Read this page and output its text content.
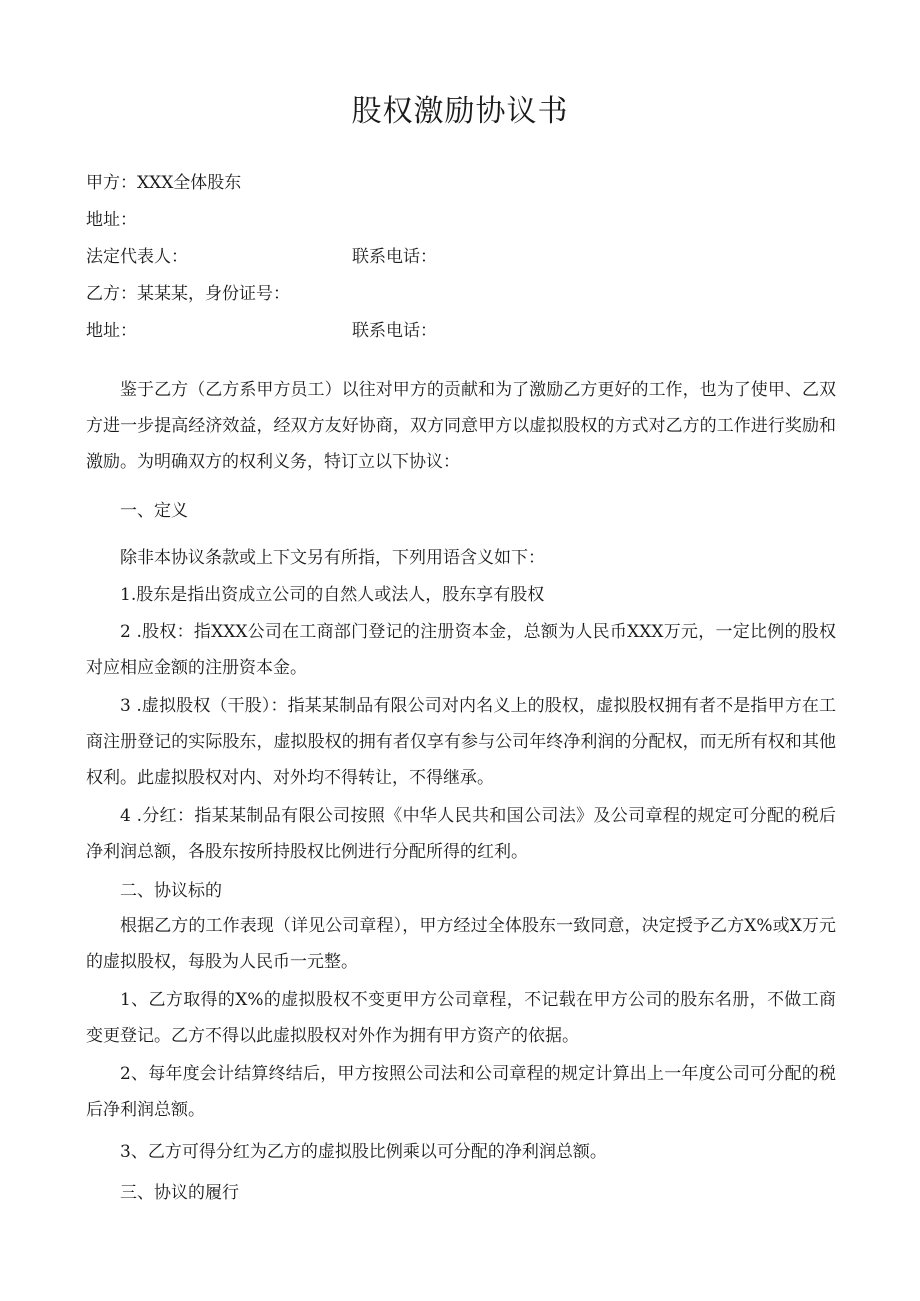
股权激励协议书
甲方：XXX全体股东
地址：
法定代表人：	联系电话：
乙方：某某某，身份证号：
地址：	联系电话：

鉴于乙方（乙方系甲方员工）以往对甲方的贡献和为了激励乙方更好的工作，也为了使甲、乙双方进一步提高经济效益，经双方友好协商，双方同意甲方以虚拟股权的方式对乙方的工作进行奖励和激励。为明确双方的权利义务，特订立以下协议：

一、定义

除非本协议条款或上下文另有所指，下列用语含义如下：

1.股东是指出资成立公司的自然人或法人，股东享有股权

2 .股权：指XXX公司在工商部门登记的注册资本金，总额为人民币XXX万元，一定比例的股权对应相应金额的注册资本金。

3 .虚拟股权（干股）：指某某制品有限公司对内名义上的股权，虚拟股权拥有者不是指甲方在工商注册登记的实际股东，虚拟股权的拥有者仅享有参与公司年终净利润的分配权，而无所有权和其他权利。此虚拟股权对内、对外均不得转让，不得继承。

4 .分红：指某某制品有限公司按照《中华人民共和国公司法》及公司章程的规定可分配的税后净利润总额，各股东按所持股权比例进行分配所得的红利。

二、协议标的

根据乙方的工作表现（详见公司章程），甲方经过全体股东一致同意，决定授予乙方X%或X万元的虚拟股权，每股为人民币一元整。

1、乙方取得的X%的虚拟股权不变更甲方公司章程，不记载在甲方公司的股东名册，不做工商变更登记。乙方不得以此虚拟股权对外作为拥有甲方资产的依据。

2、每年度会计结算终结后，甲方按照公司法和公司章程的规定计算出上一年度公司可分配的税后净利润总额。

3、乙方可得分红为乙方的虚拟股比例乘以可分配的净利润总额。

三、协议的履行
